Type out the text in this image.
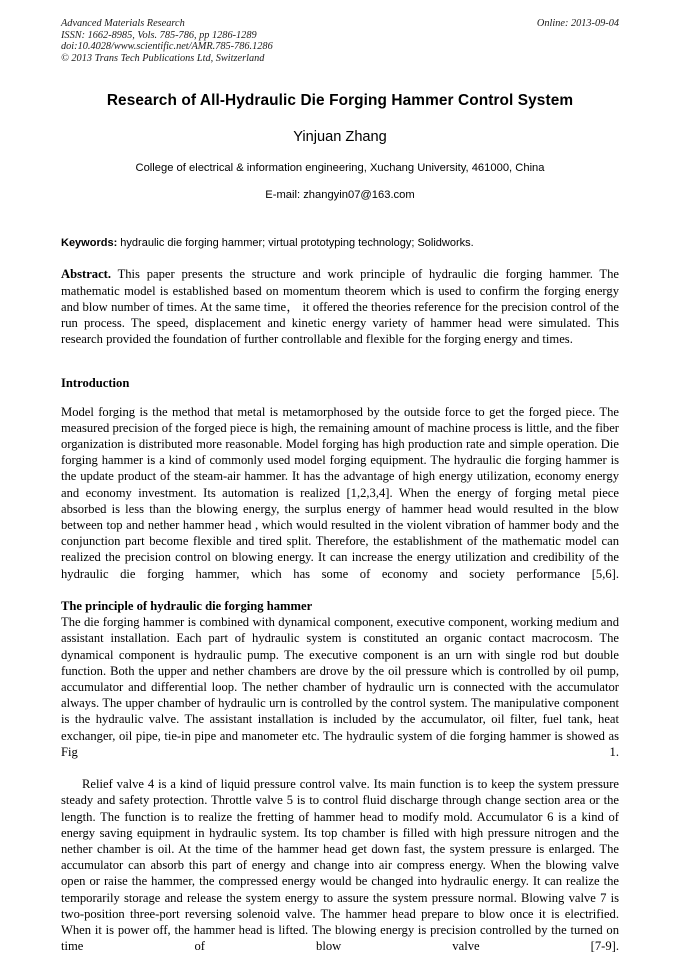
Advanced Materials Research
ISSN: 1662-8985, Vols. 785-786, pp 1286-1289
doi:10.4028/www.scientific.net/AMR.785-786.1286
© 2013 Trans Tech Publications Ltd, Switzerland
Online: 2013-09-04
Research of All-Hydraulic Die Forging Hammer Control System
Yinjuan Zhang
College of electrical & information engineering, Xuchang University, 461000, China
E-mail: zhangyin07@163.com
Keywords: hydraulic die forging hammer; virtual prototyping technology; Solidworks.
Abstract. This paper presents the structure and work principle of hydraulic die forging hammer. The mathematic model is established based on momentum theorem which is used to confirm the forging energy and blow number of times. At the same time， it offered the theories reference for the precision control of the run process. The speed, displacement and kinetic energy variety of hammer head were simulated. This research provided the foundation of further controllable and flexible for the forging energy and times.
Introduction

Model forging is the method that metal is metamorphosed by the outside force to get the forged piece. The measured precision of the forged piece is high, the remaining amount of machine process is little, and the fiber organization is distributed more reasonable. Model forging has high production rate and simple operation. Die forging hammer is a kind of commonly used model forging equipment. The hydraulic die forging hammer is the update product of the steam-air hammer. It has the advantage of high energy utilization, economy energy and economy investment. Its automation is realized [1,2,3,4]. When the energy of forging metal piece absorbed is less than the blowing energy, the surplus energy of hammer head would resulted in the blow between top and nether hammer head , which would resulted in the violent vibration of hammer body and the conjunction part become flexible and tired split. Therefore, the establishment of the mathematic model can realized the precision control on blowing energy. It can increase the energy utilization and credibility of the hydraulic die forging hammer, which has some of economy and society performance [5,6].

The principle of hydraulic die forging hammer

The die forging hammer is combined with dynamical component, executive component, working medium and assistant installation. Each part of hydraulic system is constituted an organic contact macrocosm. The dynamical component is hydraulic pump. The executive component is an urn with single rod but double function. Both the upper and nether chambers are drove by the oil pressure which is controlled by oil pump, accumulator and differential loop. The nether chamber of hydraulic urn is connected with the accumulator always. The upper chamber of hydraulic urn is controlled by the control system. The manipulative component is the hydraulic valve. The assistant installation is included by the accumulator, oil filter, fuel tank, heat exchanger, oil pipe, tie-in pipe and manometer etc. The hydraulic system of die forging hammer is showed as Fig 1.

Relief valve 4 is a kind of liquid pressure control valve. Its main function is to keep the system pressure steady and safety protection. Throttle valve 5 is to control fluid discharge through change section area or the length. The function is to realize the fretting of hammer head to modify mold. Accumulator 6 is a kind of energy saving equipment in hydraulic system. Its top chamber is filled with high pressure nitrogen and the nether chamber is oil. At the time of the hammer head get down fast, the system pressure is enlarged. The accumulator can absorb this part of energy and change into air compress energy. When the blowing valve open or raise the hammer, the compressed energy would be changed into hydraulic energy. It can realize the temporarily storage and release the system energy to assure the system pressure normal. Blowing valve 7 is two-position three-port reversing solenoid valve. The hammer head prepare to blow once it is electrified. When it is power off, the hammer head is lifted. The blowing energy is precision controlled by the turned on time of blow valve [7-9].
